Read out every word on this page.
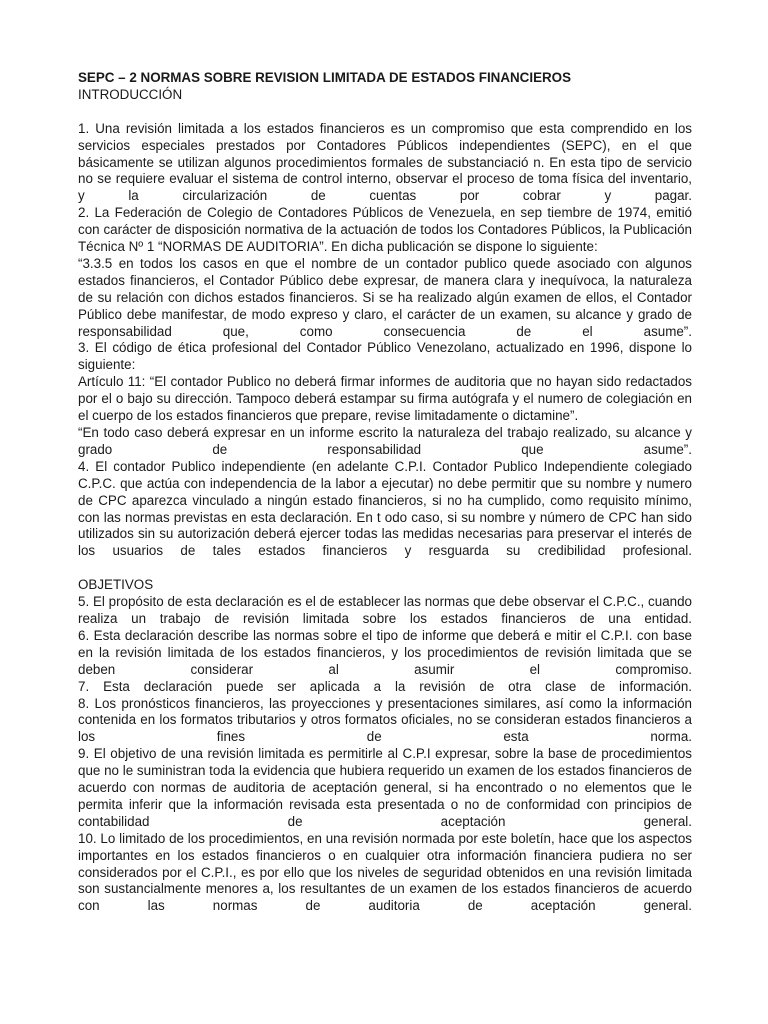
SEPC – 2 NORMAS SOBRE REVISION LIMITADA DE ESTADOS FINANCIEROS

INTRODUCCIÓN

1. Una revisión limitada a los estados financieros es un compromiso que esta comprendido en los servicios especiales prestados por Contadores Públicos independientes (SEPC), en el que básicamente se utilizan algunos procedimientos formales de substanciació n. En esta tipo de servicio no se requiere evaluar el sistema de control interno, observar el proceso de toma física del inventario, y la circularización de cuentas por cobrar y pagar.

2. La Federación de Colegio de Contadores Públicos de Venezuela, en sep tiembre de 1974, emitió con carácter de disposición normativa de la actuación de todos los Contadores Públicos, la Publicación Técnica Nº 1 “NORMAS DE AUDITORIA”. En dicha publicación se dispone lo siguiente:

“3.3.5 en todos los casos en que el nombre de un contador publico quede asociado con algunos estados financieros, el Contador Público debe expresar, de manera clara y inequívoca, la naturaleza de su relación con dichos estados financieros. Si se ha realizado algún examen de ellos, el Contador Público debe manifestar, de modo expreso y claro, el carácter de un examen, su alcance y grado de responsabilidad que, como consecuencia de el asume”.

3. El código de ética profesional del Contador Público Venezolano, actualizado en 1996, dispone lo siguiente:

Artículo 11: “El contador Publico no deberá firmar informes de auditoria que no hayan sido redactados por el o bajo su dirección. Tampoco deberá estampar su firma autógrafa y el numero de colegiación en el cuerpo de los estados financieros que prepare, revise limitadamente o dictamine”.

“En todo caso deberá expresar en un informe escrito la naturaleza del trabajo realizado, su alcance y grado de responsabilidad que asume”.

4. El contador Publico independiente (en adelante C.P.I. Contador Publico Independiente colegiado C.P.C. que actúa con independencia de la labor a ejecutar) no debe permitir que su nombre y numero de CPC aparezca vinculado a ningún estado financieros, si no ha cumplido, como requisito mínimo, con las normas previstas en esta declaración. En t odo caso, si su nombre y número de CPC han sido utilizados sin su autorización deberá ejercer todas las medidas necesarias para preservar el interés de los usuarios de tales estados financieros y resguarda su credibilidad profesional.

OBJETIVOS

5. El propósito de esta declaración es el de establecer las normas que debe observar el C.P.C., cuando realiza un trabajo de revisión limitada sobre los estados financieros de una entidad.

6. Esta declaración describe las normas sobre el tipo de informe que deberá e mitir el C.P.I. con base en la revisión limitada de los estados financieros, y los procedimientos de revisión limitada que se deben considerar al asumir el compromiso.

7. Esta declaración puede ser aplicada a la revisión de otra clase de información.

8. Los pronósticos financieros, las proyecciones y presentaciones similares, así como la información contenida en los formatos tributarios y otros formatos oficiales, no se consideran estados financieros a los fines de esta norma.

9. El objetivo de una revisión limitada es permitirle al C.P.I expresar, sobre la base de procedimientos que no le suministran toda la evidencia que hubiera requerido un examen de los estados financieros de acuerdo con normas de auditoria de aceptación general, si ha encontrado o no elementos que le permita inferir que la información revisada esta presentada o no de conformidad con principios de contabilidad de aceptación general.

10. Lo limitado de los procedimientos, en una revisión normada por este boletín, hace que los aspectos importantes en los estados financieros o en cualquier otra información financiera pudiera no ser considerados por el C.P.I., es por ello que los niveles de seguridad obtenidos en una revisión limitada son sustancialmente menores a, los resultantes de un examen de los estados financieros de acuerdo con las normas de auditoria de aceptación general.
